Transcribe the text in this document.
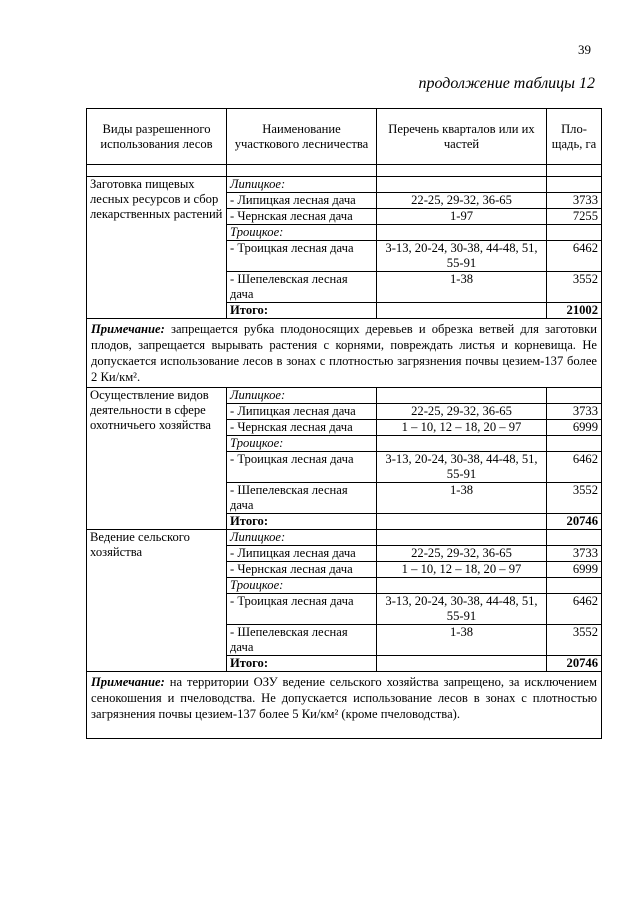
39
продолжение таблицы 12
Виды разрешенного использования лесов	Наименование участкового лесничества	Перечень кварталов или их частей	Пло-щадь, га

Заготовка пищевых лесных ресурсов и сбор лекарственных растений	Липицкое:		
	- Липицкая лесная дача	22-25, 29-32, 36-65	3733
	- Чернская лесная дача	1-97	7255
	Троицкое:		
	- Троицкая лесная дача	3-13, 20-24, 30-38, 44-48, 51, 55-91	6462
	- Шепелевская лесная дача	1-38	3552
	Итого:		21002
Примечание: запрещается рубка плодоносящих деревьев и обрезка ветвей для заготовки плодов, запрещается вырывать растения с корнями, повреждать листья и корневища. Не допускается использование лесов в зонах с плотностью загрязнения почвы цезием-137 более 2 Ки/км².			
Осуществление видов деятельности в сфере охотничьего хозяйства	Липицкое:		
	- Липицкая лесная дача	22-25, 29-32, 36-65	3733
	- Чернская лесная дача	1 – 10, 12 – 18, 20 – 97	6999
	Троицкое:		
	- Троицкая лесная дача	3-13, 20-24, 30-38, 44-48, 51, 55-91	6462
	- Шепелевская лесная дача	1-38	3552
	Итого:		20746
Ведение сельского хозяйства	Липицкое:		
	- Липицкая лесная дача	22-25, 29-32, 36-65	3733
	- Чернская лесная дача	1 – 10, 12 – 18, 20 – 97	6999
	Троицкое:		
	- Троицкая лесная дача	3-13, 20-24, 30-38, 44-48, 51, 55-91	6462
	- Шепелевская лесная дача	1-38	3552
	Итого:		20746
Примечание: на территории ОЗУ ведение сельского хозяйства запрещено, за исключением сенокошения и пчеловодства. Не допускается использование лесов в зонах с плотностью загрязнения почвы цезием-137 более 5 Ки/км² (кроме пчеловодства).			
